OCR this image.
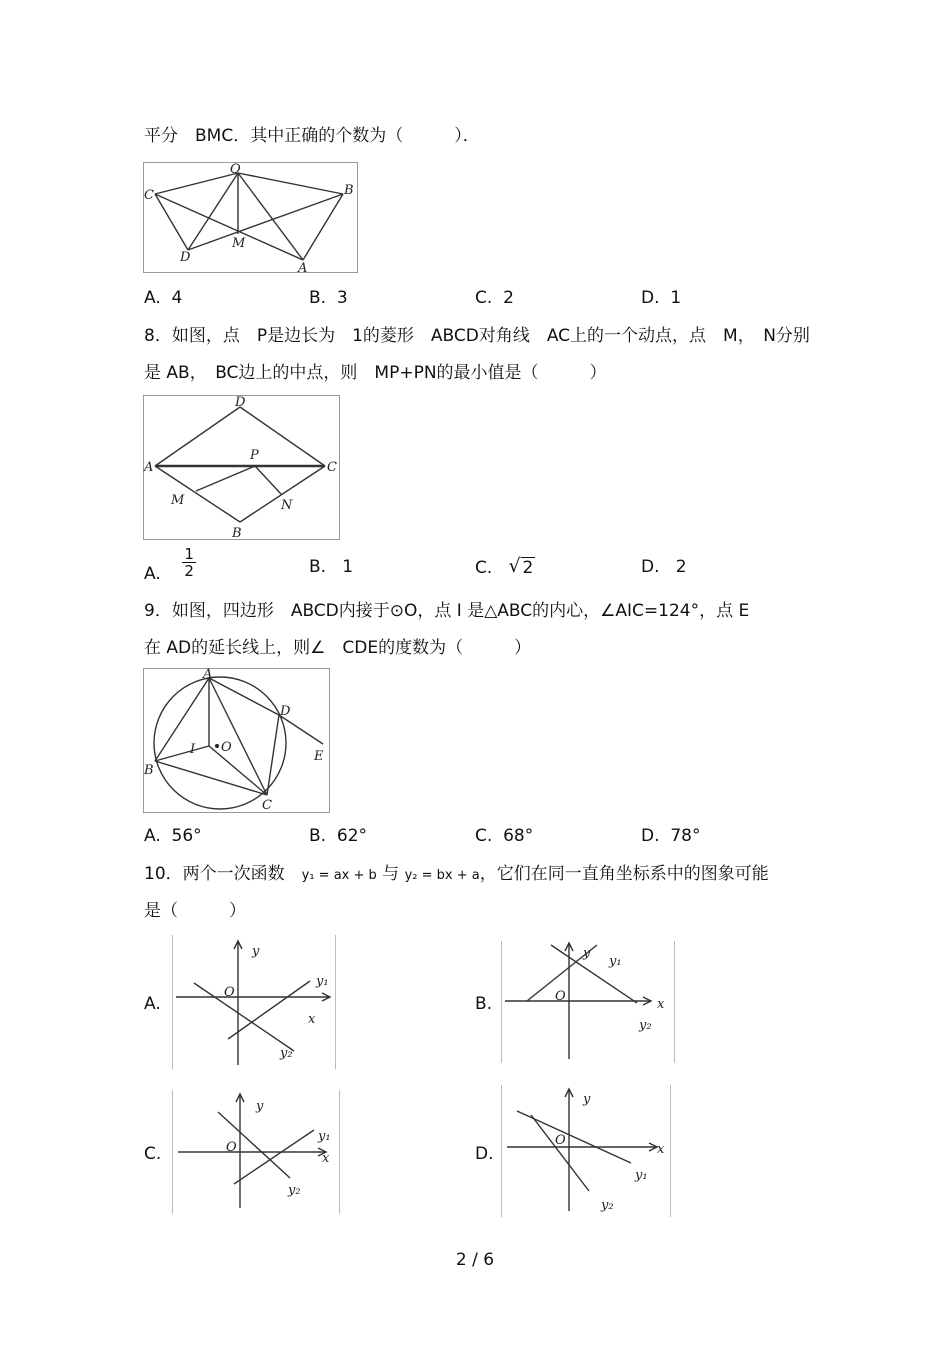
平分　BMC．其中正确的个数为（　　　）．
O
C	B
M
D
A
A. 4	B. 3	C. 2	D. 1
8．如图，点　P是边长为　1的菱形　ABCD对角线　AC上的一个动点，点　M，　N分别
是 AB，　BC边上的中点，则　MP+PN的最小值是（　　　）
D
A
P
C
M	N
B
A. $\frac{1}{2}$	B. 1	C. √ 2	D. 2
9．如图，四边形　ABCD内接于⊙O，点 I 是△ABC的内心，∠AIC=124°，点 E
在 AD的延长线上，则∠　CDE的度数为（　　　）
A
D
I O
E
B
C
A. 56°	B. 62°	C. 68°	D. 78°
10．两个一次函数　y₁ = ax + b 与 y₂ = bx + a，它们在同一直角坐标系中的图象可能
是（　　　）
A.
y
O
x
y₁
y₂
B.
y
O
x
y₁
y₂
C.
y
O
x
y₁
y₂
D.
y
O
x
y₁
y₂
2 / 6
